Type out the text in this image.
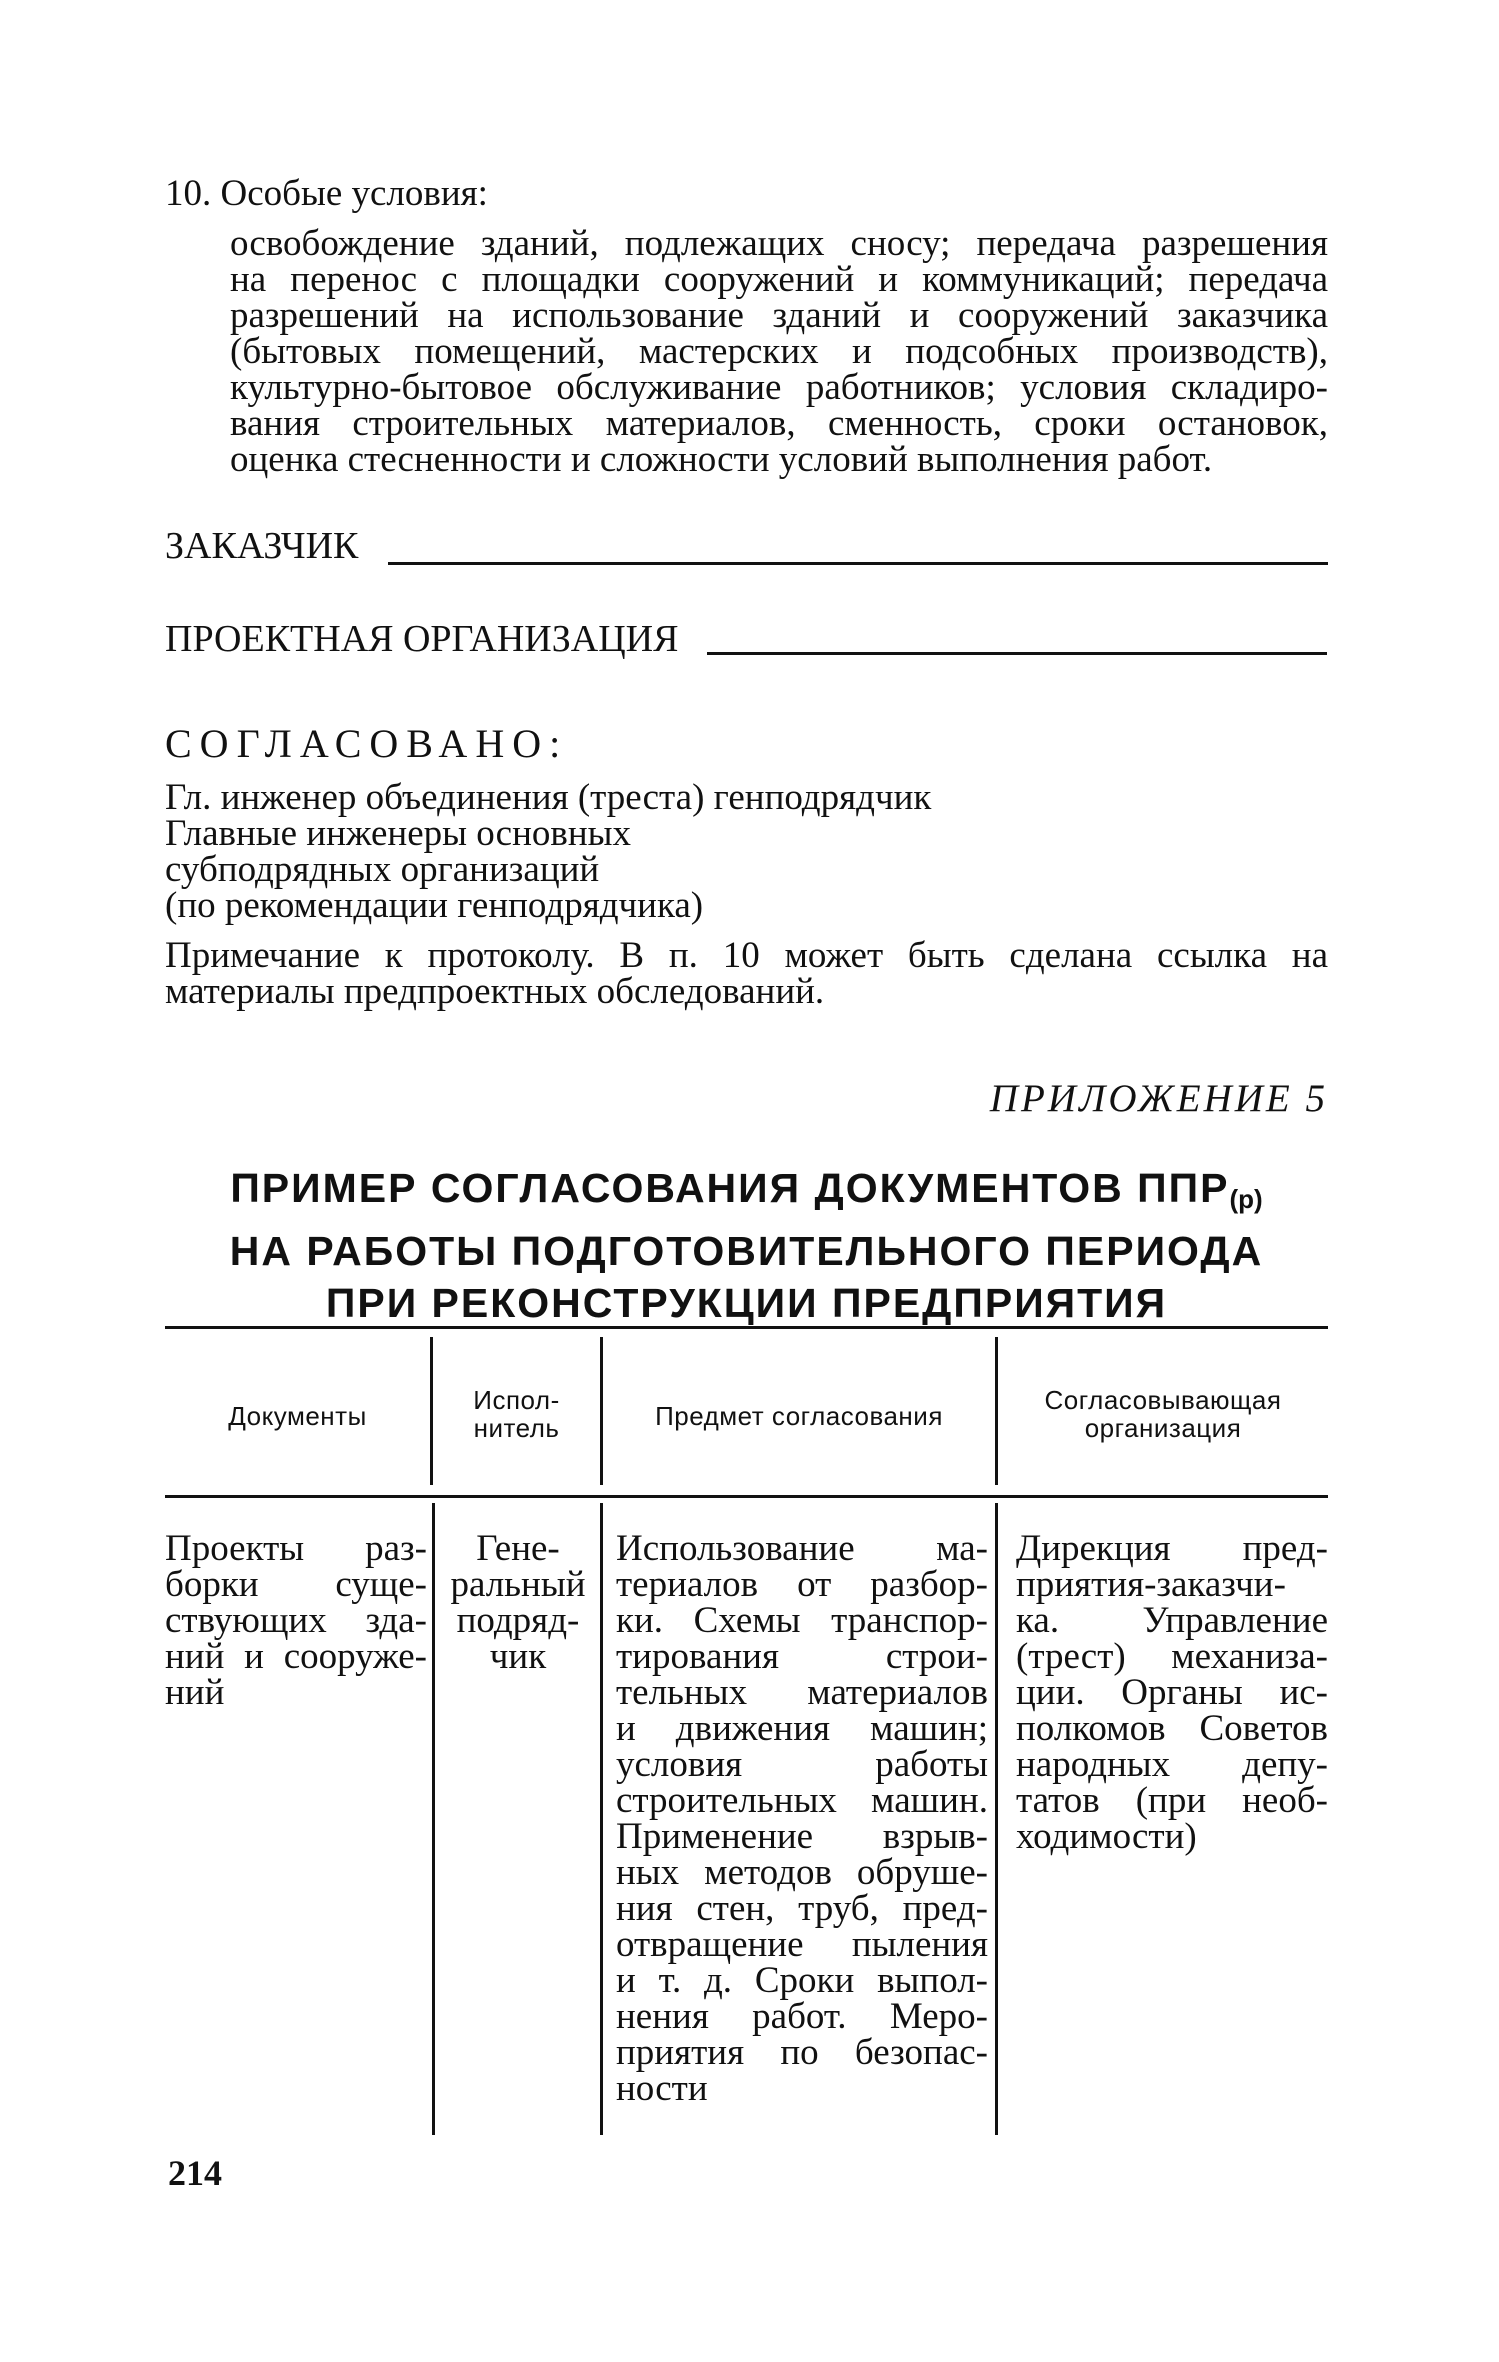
10. Особые условия:
освобождение зданий, подлежащих сносу; передача разрешения
на перенос с площадки сооружений и коммуникаций; передача
разрешений на использование зданий и сооружений заказчика
(бытовых помещений, мастерских и подсобных производств),
культурно-бытовое обслуживание работников; условия складиро-
вания строительных материалов, сменность, сроки остановок,
оценка стесненности и сложности условий выполнения работ.
ЗАКАЗЧИК
ПРОЕКТНАЯ ОРГАНИЗАЦИЯ
СОГЛАСОВАНО:
Гл. инженер объединения (треста) генподрядчик
Главные инженеры основных
субподрядных организаций
(по рекомендации генподрядчика)
Примечание к протоколу. В п. 10 может быть сделана ссылка на
материалы предпроектных обследований.
ПРИЛОЖЕНИЕ 5
ПРИМЕР СОГЛАСОВАНИЯ ДОКУМЕНТОВ ППР(р)
НА РАБОТЫ ПОДГОТОВИТЕЛЬНОГО ПЕРИОДА
ПРИ РЕКОНСТРУКЦИИ ПРЕДПРИЯТИЯ
Документы
Испол-
нитель	Предмет согласования
Согласовывающая
организация
Проекты раз-
борки суще-
ствующих зда-
ний и сооруже-
ний
Гене-
ральный
подряд-
чик
Использование ма-
териалов от разбор-
ки. Схемы транспор-
тирования строи-
тельных материалов
и движения машин;
условия работы
строительных машин.
Применение взрыв-
ных методов обруше-
ния стен, труб, пред-
отвращение пыления
и т. д. Сроки выпол-
нения работ. Меро-
приятия по безопас-
ности
Дирекция пред-
приятия-заказчи-
ка. Управление
(трест) механиза-
ции. Органы ис-
полкомов Советов
народных депу-
татов (при необ-
ходимости)
214
